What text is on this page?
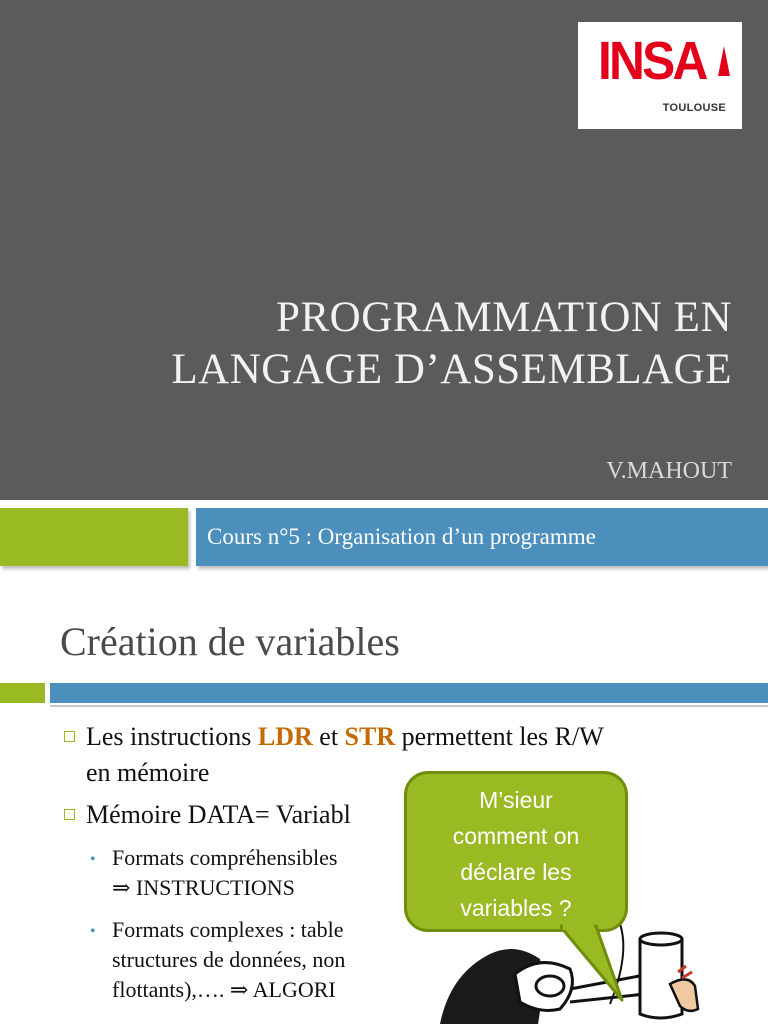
INSA
TOULOUSE
PROGRAMMATION EN
LANGAGE D’ASSEMBLAGE
V.MAHOUT
Cours n°5 : Organisation d’un programme
Création de variables
Les instructions LDR et STR permettent les R/W
en mémoire
Mémoire DATA= Variabl
• Formats compréhensibles
⇒ INSTRUCTIONS
• Formats complexes : table
structures de données, non
flottants),…. ⇒ ALGORI
M’sieur
comment on
déclare les
variables ?
